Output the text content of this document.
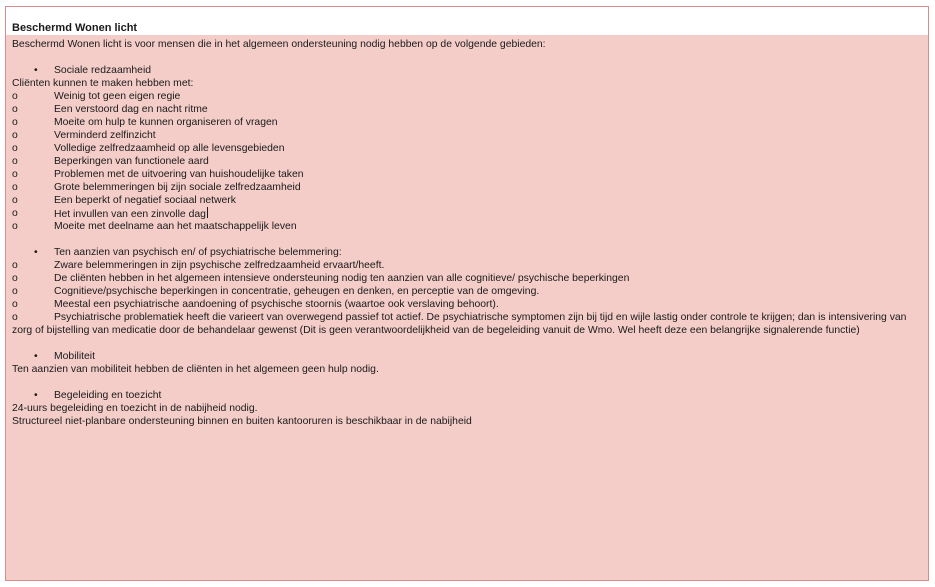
Beschermd Wonen licht
Beschermd Wonen licht is voor mensen die in het algemeen ondersteuning nodig hebben op de volgende gebieden:
• Sociale redzaamheid
Cliënten kunnen te maken hebben met:
o	Weinig tot geen eigen regie
o	Een verstoord dag en nacht ritme
o	Moeite om hulp te kunnen organiseren of vragen
o	Verminderd zelfinzicht
o	Volledige zelfredzaamheid op alle levensgebieden
o	Beperkingen van functionele aard
o	Problemen met de uitvoering van huishoudelijke taken
o	Grote belemmeringen bij zijn sociale zelfredzaamheid
o	Een beperkt of negatief sociaal netwerk
o	Het invullen van een zinvolle dag
o	Moeite met deelname aan het maatschappelijk leven
• Ten aanzien van psychisch en/ of psychiatrische belemmering:
o	Zware belemmeringen in zijn psychische zelfredzaamheid ervaart/heeft.
o	De cliënten hebben in het algemeen intensieve ondersteuning nodig ten aanzien van alle cognitieve/ psychische beperkingen
o	Cognitieve/psychische beperkingen in concentratie, geheugen en denken, en perceptie van de omgeving.
o	Meestal een psychiatrische aandoening of psychische stoornis (waartoe ook verslaving behoort).
o	Psychiatrische problematiek heeft die varieert van overwegend passief tot actief. De psychiatrische symptomen zijn bij tijd en wijle lastig onder controle te krijgen; dan is intensivering van zorg of bijstelling van medicatie door de behandelaar gewenst (Dit is geen verantwoordelijkheid van de begeleiding vanuit de Wmo. Wel heeft deze een belangrijke signalerende functie)
• Mobiliteit
Ten aanzien van mobiliteit hebben de cliënten in het algemeen geen hulp nodig.
• Begeleiding en toezicht
24-uurs begeleiding en toezicht in de nabijheid nodig.
Structureel niet-planbare ondersteuning binnen en buiten kantooruren is beschikbaar in de nabijheid
